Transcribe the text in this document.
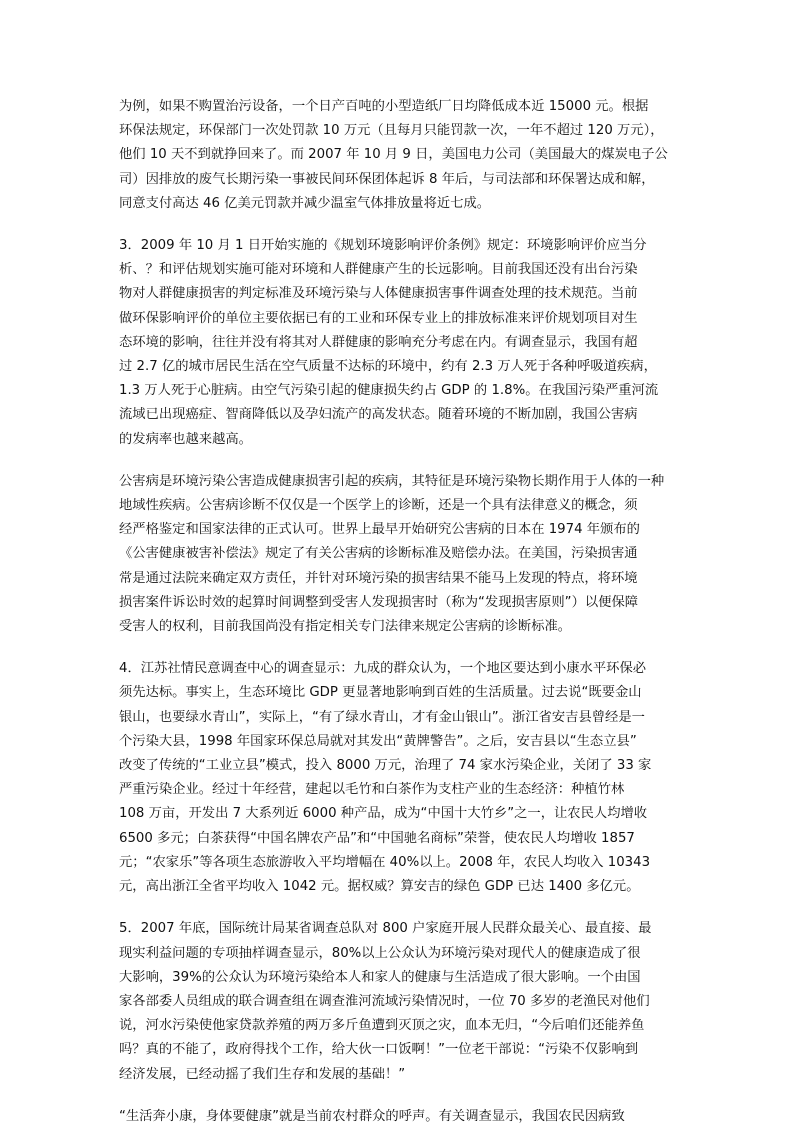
为例，如果不购置治污设备，一个日产百吨的小型造纸厂日均降低成本近 15000 元。根据
环保法规定，环保部门一次处罚款 10 万元（且每月只能罚款一次，一年不超过 120 万元），
他们 10 天不到就挣回来了。而 2007 年 10 月 9 日，美国电力公司（美国最大的煤炭电子公
司）因排放的废气长期污染一事被民间环保团体起诉 8 年后，与司法部和环保署达成和解，
同意支付高达 46 亿美元罚款并减少温室气体排放量将近七成。

3．2009 年 10 月 1 日开始实施的《规划环境影响评价条例》规定：环境影响评价应当分
析、？和评估规划实施可能对环境和人群健康产生的长远影响。目前我国还没有出台污染
物对人群健康损害的判定标准及环境污染与人体健康损害事件调查处理的技术规范。当前
做环保影响评价的单位主要依据已有的工业和环保专业上的排放标准来评价规划项目对生
态环境的影响，往往并没有将其对人群健康的影响充分考虑在内。有调查显示，我国有超
过 2.7 亿的城市居民生活在空气质量不达标的环境中，约有 2.3 万人死于各种呼吸道疾病，
1.3 万人死于心脏病。由空气污染引起的健康损失约占 GDP 的 1.8%。在我国污染严重河流
流域已出现癌症、智商降低以及孕妇流产的高发状态。随着环境的不断加剧，我国公害病
的发病率也越来越高。

公害病是环境污染公害造成健康损害引起的疾病，其特征是环境污染物长期作用于人体的一种
地域性疾病。公害病诊断不仅仅是一个医学上的诊断，还是一个具有法律意义的概念，须
经严格鉴定和国家法律的正式认可。世界上最早开始研究公害病的日本在 1974 年颁布的
《公害健康被害补偿法》规定了有关公害病的诊断标准及赔偿办法。在美国，污染损害通
常是通过法院来确定双方责任，并针对环境污染的损害结果不能马上发现的特点，将环境
损害案件诉讼时效的起算时间调整到受害人发现损害时（称为“发现损害原则”）以便保障
受害人的权利，目前我国尚没有指定相关专门法律来规定公害病的诊断标准。

4．江苏社情民意调查中心的调查显示：九成的群众认为，一个地区要达到小康水平环保必
须先达标。事实上，生态环境比 GDP 更显著地影响到百姓的生活质量。过去说“既要金山
银山，也要绿水青山”，实际上，“有了绿水青山，才有金山银山”。浙江省安吉县曾经是一
个污染大县，1998 年国家环保总局就对其发出“黄牌警告”。之后，安吉县以“生态立县”
改变了传统的“工业立县”模式，投入 8000 万元，治理了 74 家水污染企业，关闭了 33 家
严重污染企业。经过十年经营，建起以毛竹和白茶作为支柱产业的生态经济：种植竹林
108 万亩，开发出 7 大系列近 6000 种产品，成为“中国十大竹乡”之一，让农民人均增收
6500 多元；白茶获得“中国名牌农产品”和“中国驰名商标”荣誉，使农民人均增收 1857
元；“农家乐”等各项生态旅游收入平均增幅在 40%以上。2008 年，农民人均收入 10343
元，高出浙江全省平均收入 1042 元。据权威？算安吉的绿色 GDP 已达 1400 多亿元。

5．2007 年底，国际统计局某省调查总队对 800 户家庭开展人民群众最关心、最直接、最
现实利益问题的专项抽样调查显示，80%以上公众认为环境污染对现代人的健康造成了很
大影响，39%的公众认为环境污染给本人和家人的健康与生活造成了很大影响。一个由国
家各部委人员组成的联合调查组在调查淮河流域污染情况时，一位 70 多岁的老渔民对他们
说，河水污染使他家贷款养殖的两万多斤鱼遭到灭顶之灾，血本无归，“今后咱们还能养鱼
吗？真的不能了，政府得找个工作，给大伙一口饭啊！”一位老干部说：“污染不仅影响到
经济发展，已经动摇了我们生存和发展的基础！”

“生活奔小康，身体要健康”就是当前农村群众的呼声。有关调查显示，我国农民因病致
